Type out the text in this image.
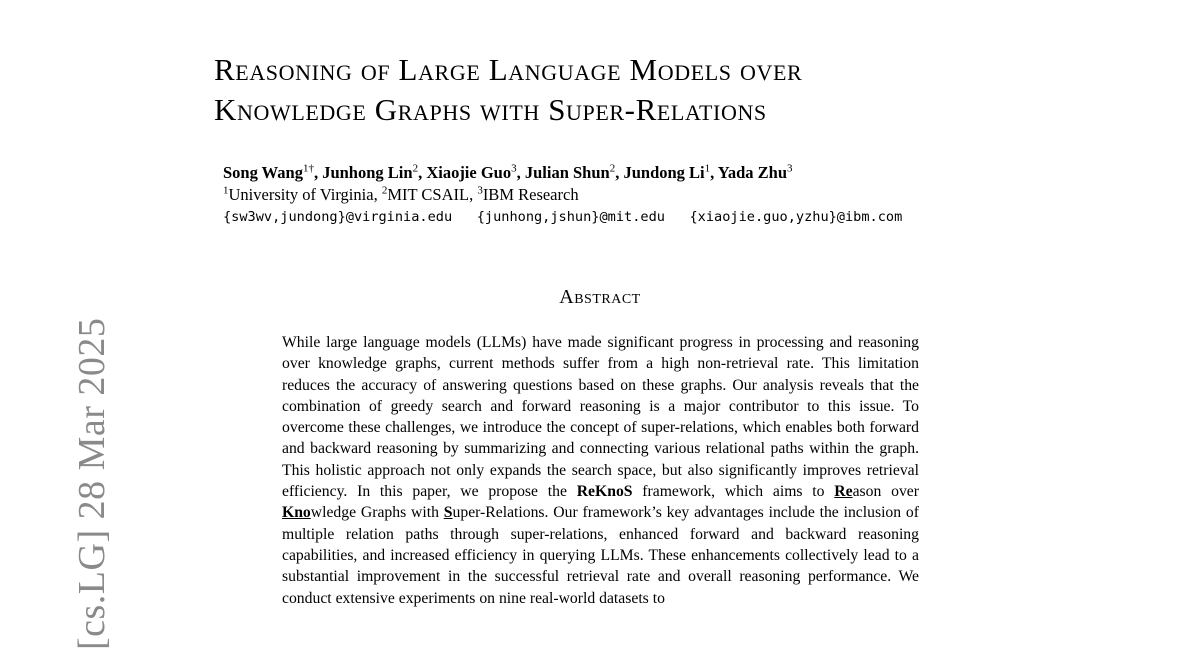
[cs.LG] 28 Mar 2025
Reasoning of Large Language Models over
Knowledge Graphs with Super-Relations
Song Wang$^{1\dagger}$, Junhong Lin$^2$, Xiaojie Guo$^3$, Julian Shun$^2$, Jundong Li$^1$, Yada Zhu$^3$
$^1$University of Virginia, $^2$MIT CSAIL, $^3$IBM Research
{sw3wv,jundong}@virginia.edu   {junhong,jshun}@mit.edu   {xiaojie.guo,yzhu}@ibm.com
Abstract

While large language models (LLMs) have made significant progress in processing and reasoning over knowledge graphs, current methods suffer from a high non-retrieval rate. This limitation reduces the accuracy of answering questions based on these graphs. Our analysis reveals that the combination of greedy search and forward reasoning is a major contributor to this issue. To overcome these challenges, we introduce the concept of super-relations, which enables both forward and backward reasoning by summarizing and connecting various relational paths within the graph. This holistic approach not only expands the search space, but also significantly improves retrieval efficiency. In this paper, we propose the ReKnoS framework, which aims to Reason over Knowledge Graphs with Super-Relations. Our framework’s key advantages include the inclusion of multiple relation paths through super-relations, enhanced forward and backward reasoning capabilities, and increased efficiency in querying LLMs. These enhancements collectively lead to a substantial improvement in the successful retrieval rate and overall reasoning performance. We conduct extensive experiments on nine real-world datasets to
